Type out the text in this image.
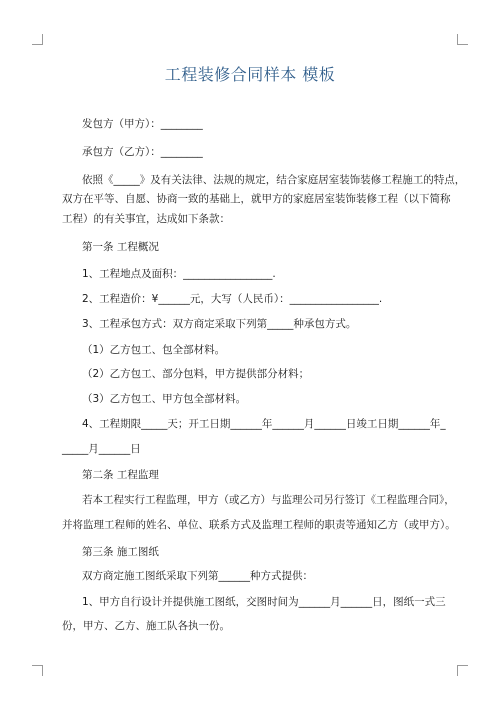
工程装修合同样本 模板
发包方（甲方）：________
承包方（乙方）：________
依照《_____》及有关法律、法规的规定，结合家庭居室装饰装修工程施工的特点，
双方在平等、自愿、协商一致的基础上，就甲方的家庭居室装饰装修工程（以下简称
工程）的有关事宜，达成如下条款：
第一条 工程概况
1、工程地点及面积：_________________.
2、工程造价：¥______元，大写（人民币）：_________________.
3、工程承包方式：双方商定采取下列第_____种承包方式。
（1）乙方包工、包全部材料。
（2）乙方包工、部分包料，甲方提供部分材料；
（3）乙方包工、甲方包全部材料。
4、工程期限_____天；开工日期______年______月______日竣工日期______年_
_____月______日
第二条 工程监理
若本工程实行工程监理，甲方（或乙方）与监理公司另行签订《工程监理合同》，
并将监理工程师的姓名、单位、联系方式及监理工程师的职责等通知乙方（或甲方）。
第三条 施工图纸
双方商定施工图纸采取下列第______种方式提供：
1、甲方自行设计并提供施工图纸，交图时间为______月______日，图纸一式三
份，甲方、乙方、施工队各执一份。
